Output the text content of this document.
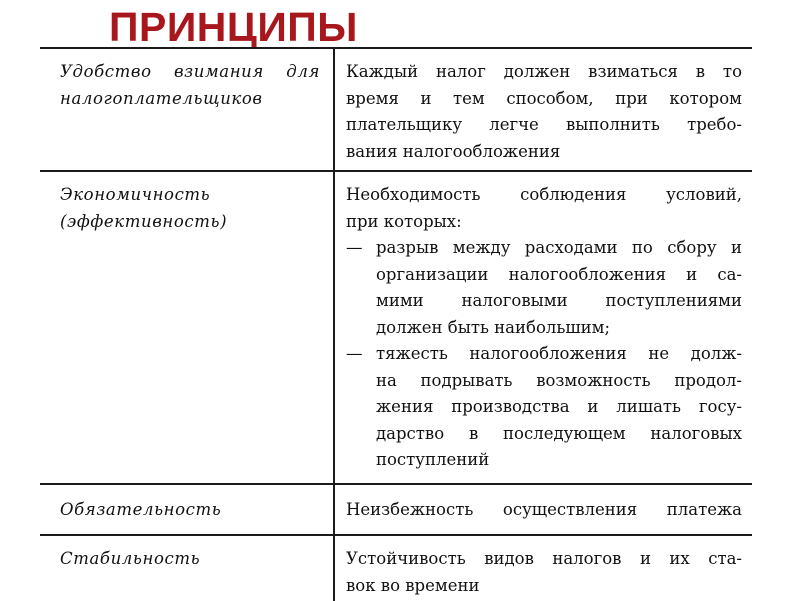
ПРИНЦИПЫ
Удобство взимания для
налогоплательщиков
Каждый налог должен взиматься в то
время и тем способом, при котором
плательщику легче выполнить требо-
вания налогообложения
Экономичность
(эффективность)
Необходимость соблюдения условий,
при которых:
— разрыв между расходами по сбору и
организации налогообложения и са-
мими налоговыми поступлениями
должен быть наибольшим;
— тяжесть налогообложения не долж-
на подрывать возможность продол-
жения производства и лишать госу-
дарство в последующем налоговых
поступлений
Обязательность	Неизбежность осуществления платежа
Стабильность	Устойчивость видов налогов и их ста-
вок во времени
